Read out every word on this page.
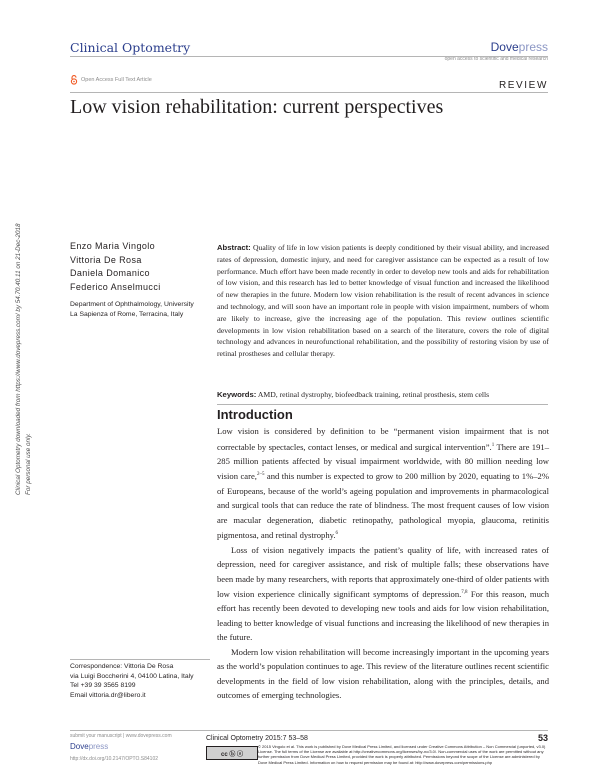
Clinical Optometry	Dovepress
open access to scientific and medical research
Open Access Full Text Article	REVIEW
Low vision rehabilitation: current perspectives
Clinical Optometry downloaded from https://www.dovepress.com/ by 54.70.40.11 on 21-Dec-2018 For personal use only.
Enzo Maria Vingolo
Vittoria De Rosa
Daniela Domanico
Federico Anselmucci
Department of Ophthalmology, University La Sapienza of Rome, Terracina, Italy
Abstract: Quality of life in low vision patients is deeply conditioned by their visual ability, and increased rates of depression, domestic injury, and need for caregiver assistance can be expected as a result of low performance. Much effort have been made recently in order to develop new tools and aids for rehabilitation of low vision, and this research has led to better knowledge of visual function and increased the likelihood of new therapies in the future. Modern low vision rehabilitation is the result of recent advances in science and technology, and will soon have an important role in people with vision impairment, numbers of whom are likely to increase, give the increasing age of the population. This review outlines scientific developments in low vision rehabilitation based on a search of the literature, covers the role of digital technology and advances in neurofunctional rehabilitation, and the possibility of restoring vision by use of retinal prostheses and cellular therapy.
Keywords: AMD, retinal dystrophy, biofeedback training, retinal prosthesis, stem cells
Introduction

Low vision is considered by definition to be “permanent vision impairment that is not correctable by spectacles, contact lenses, or medical and surgical intervention”.$^1$ There are 191–285 million patients affected by visual impairment worldwide, with 80 million needing low vision care,$^{2-5}$ and this number is expected to grow to 200 million by 2020, equating to 1%–2% of Europeans, because of the world’s ageing population and improvements in pharmacological and surgical tools that can reduce the rate of blindness. The most frequent causes of low vision are macular degeneration, diabetic retinopathy, pathological myopia, glaucoma, retinitis pigmentosa, and retinal dystrophy.$^6$

Loss of vision negatively impacts the patient’s quality of life, with increased rates of depression, need for caregiver assistance, and risk of multiple falls; these observations have been made by many researchers, with reports that approximately one-third of older patients with low vision experience clinically significant symptoms of depression.$^{7,8}$ For this reason, much effort has recently been devoted to developing new tools and aids for low vision rehabilitation, leading to better knowledge of visual functions and increasing the likelihood of new therapies in the future.

Modern low vision rehabilitation will become increasingly important in the upcoming years as the world’s population continues to age. This review of the literature outlines recent scientific developments in the field of low vision rehabilitation, along with the principles, details, and outcomes of emerging technologies.

Correspondence: Vittoria De Rosa
via Luigi Boccherini 4, 04100 Latina, Italy
Tel +39 39 3565 8199
Email vittoria.dr@libero.it
submit your manuscript | www.dovepress.com
Dovepress
http://dx.doi.org/10.2147/OPTO.S84102
Clinical Optometry 2015:7 53–58	53
cc ⓑ ⓢ
© 2015 Vingolo et al. This work is published by Dove Medical Press Limited, and licensed under Creative Commons Attribution – Non Commercial (unported, v3.0) License. The full terms of the License are available at http://creativecommons.org/licenses/by-nc/3.0/. Non-commercial uses of the work are permitted without any further permission from Dove Medical Press Limited, provided the work is properly attributed. Permissions beyond the scope of the License are administered by Dove Medical Press Limited. Information on how to request permission may be found at: http://www.dovepress.com/permissions.php
